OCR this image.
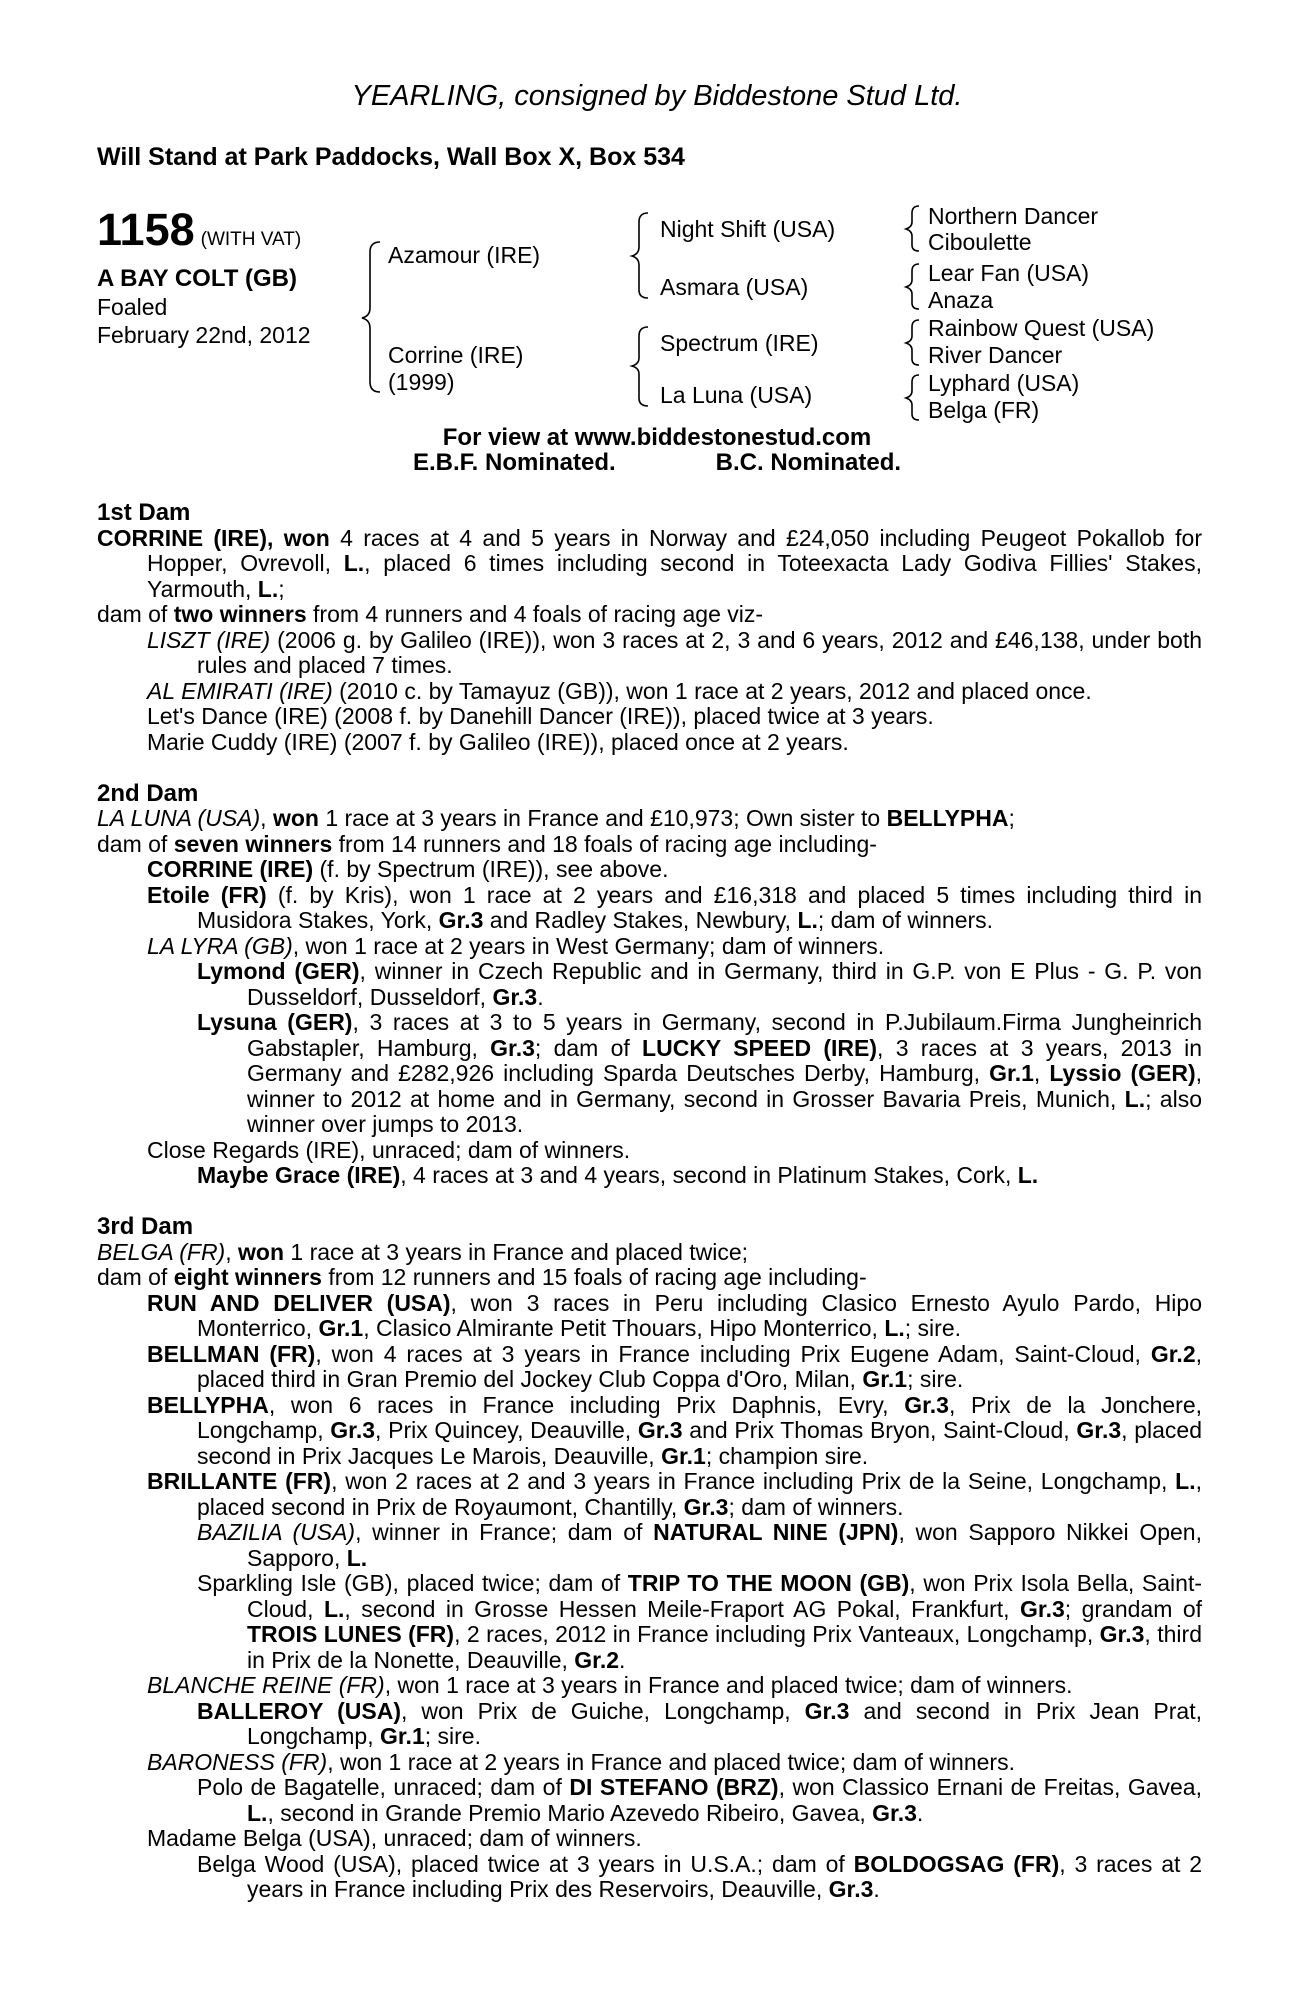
YEARLING, consigned by Biddestone Stud Ltd.
Will Stand at Park Paddocks, Wall Box X, Box 534
1158 (WITH VAT)
A BAY COLT (GB)
Foaled
February 22nd, 2012
Azamour (IRE)
Corrine (IRE)
(1999)
Night Shift (USA)
Asmara (USA)
Spectrum (IRE)
La Luna (USA)
Northern Dancer
Ciboulette
Lear Fan (USA)
Anaza
Rainbow Quest (USA)
River Dancer
Lyphard (USA)
Belga (FR)
For view at www.biddestonestud.com
E.B.F. Nominated.	B.C. Nominated.
1st Dam
CORRINE (IRE), won 4 races at 4 and 5 years in Norway and £24,050 including Peugeot Pokallob for Hopper, Ovrevoll, L., placed 6 times including second in Toteexacta Lady Godiva Fillies' Stakes, Yarmouth, L.;
dam of two winners from 4 runners and 4 foals of racing age viz-
LISZT (IRE) (2006 g. by Galileo (IRE)), won 3 races at 2, 3 and 6 years, 2012 and £46,138, under both rules and placed 7 times.
AL EMIRATI (IRE) (2010 c. by Tamayuz (GB)), won 1 race at 2 years, 2012 and placed once.
Let's Dance (IRE) (2008 f. by Danehill Dancer (IRE)), placed twice at 3 years.
Marie Cuddy (IRE) (2007 f. by Galileo (IRE)), placed once at 2 years.
2nd Dam
LA LUNA (USA), won 1 race at 3 years in France and £10,973; Own sister to BELLYPHA;
dam of seven winners from 14 runners and 18 foals of racing age including-
CORRINE (IRE) (f. by Spectrum (IRE)), see above.
Etoile (FR) (f. by Kris), won 1 race at 2 years and £16,318 and placed 5 times including third in Musidora Stakes, York, Gr.3 and Radley Stakes, Newbury, L.; dam of winners.
LA LYRA (GB), won 1 race at 2 years in West Germany; dam of winners.
Lymond (GER), winner in Czech Republic and in Germany, third in G.P. von E Plus - G. P. von Dusseldorf, Dusseldorf, Gr.3.
Lysuna (GER), 3 races at 3 to 5 years in Germany, second in P.Jubilaum.Firma Jungheinrich Gabstapler, Hamburg, Gr.3; dam of LUCKY SPEED (IRE), 3 races at 3 years, 2013 in Germany and £282,926 including Sparda Deutsches Derby, Hamburg, Gr.1, Lyssio (GER), winner to 2012 at home and in Germany, second in Grosser Bavaria Preis, Munich, L.; also winner over jumps to 2013.
Close Regards (IRE), unraced; dam of winners.
Maybe Grace (IRE), 4 races at 3 and 4 years, second in Platinum Stakes, Cork, L.
3rd Dam
BELGA (FR), won 1 race at 3 years in France and placed twice;
dam of eight winners from 12 runners and 15 foals of racing age including-
RUN AND DELIVER (USA), won 3 races in Peru including Clasico Ernesto Ayulo Pardo, Hipo Monterrico, Gr.1, Clasico Almirante Petit Thouars, Hipo Monterrico, L.; sire.
BELLMAN (FR), won 4 races at 3 years in France including Prix Eugene Adam, Saint-Cloud, Gr.2, placed third in Gran Premio del Jockey Club Coppa d'Oro, Milan, Gr.1; sire.
BELLYPHA, won 6 races in France including Prix Daphnis, Evry, Gr.3, Prix de la Jonchere, Longchamp, Gr.3, Prix Quincey, Deauville, Gr.3 and Prix Thomas Bryon, Saint-Cloud, Gr.3, placed second in Prix Jacques Le Marois, Deauville, Gr.1; champion sire.
BRILLANTE (FR), won 2 races at 2 and 3 years in France including Prix de la Seine, Longchamp, L., placed second in Prix de Royaumont, Chantilly, Gr.3; dam of winners.
BAZILIA (USA), winner in France; dam of NATURAL NINE (JPN), won Sapporo Nikkei Open, Sapporo, L.
Sparkling Isle (GB), placed twice; dam of TRIP TO THE MOON (GB), won Prix Isola Bella, Saint-Cloud, L., second in Grosse Hessen Meile-Fraport AG Pokal, Frankfurt, Gr.3; grandam of TROIS LUNES (FR), 2 races, 2012 in France including Prix Vanteaux, Longchamp, Gr.3, third in Prix de la Nonette, Deauville, Gr.2.
BLANCHE REINE (FR), won 1 race at 3 years in France and placed twice; dam of winners.
BALLEROY (USA), won Prix de Guiche, Longchamp, Gr.3 and second in Prix Jean Prat, Longchamp, Gr.1; sire.
BARONESS (FR), won 1 race at 2 years in France and placed twice; dam of winners.
Polo de Bagatelle, unraced; dam of DI STEFANO (BRZ), won Classico Ernani de Freitas, Gavea, L., second in Grande Premio Mario Azevedo Ribeiro, Gavea, Gr.3.
Madame Belga (USA), unraced; dam of winners.
Belga Wood (USA), placed twice at 3 years in U.S.A.; dam of BOLDOGSAG (FR), 3 races at 2 years in France including Prix des Reservoirs, Deauville, Gr.3.
